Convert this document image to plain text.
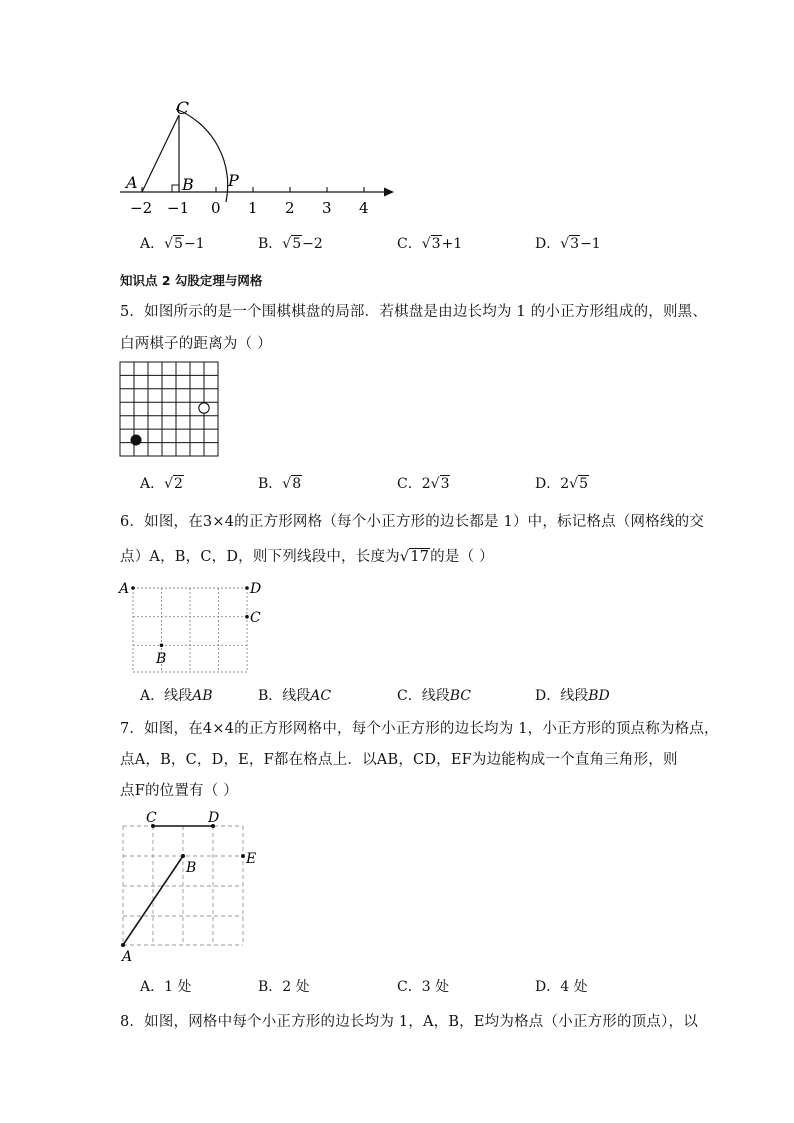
C
A	B P
−2 −1 0 1 2 3 4
A．√5−1	B．√5−2	C．√3+1	D．√3−1
知识点 2 勾股定理与网格
5．如图所示的是一个围棋棋盘的局部．若棋盘是由边长均为 1 的小正方形组成的，则黑、
白两棋子的距离为（ ）
A．√2	B．√8	C．2√3	D．2√5
6．如图，在3×4的正方形网格（每个小正方形的边长都是 1）中，标记格点（网格线的交
点）A，B，C，D，则下列线段中，长度为√17的是（ ）
A	D
C
B
A．线段AB	B．线段AC	C．线段BC	D．线段BD
7．如图，在4×4的正方形网格中，每个小正方形的边长均为 1，小正方形的顶点称为格点，
点A，B，C，D，E，F都在格点上．以AB，CD，EF为边能构成一个直角三角形，则
点F的位置有（ ）
C	D
B
E
A
A．1 处	B．2 处	C．3 处	D．4 处
8．如图，网格中每个小正方形的边长均为 1，A，B，E均为格点（小正方形的顶点），以
